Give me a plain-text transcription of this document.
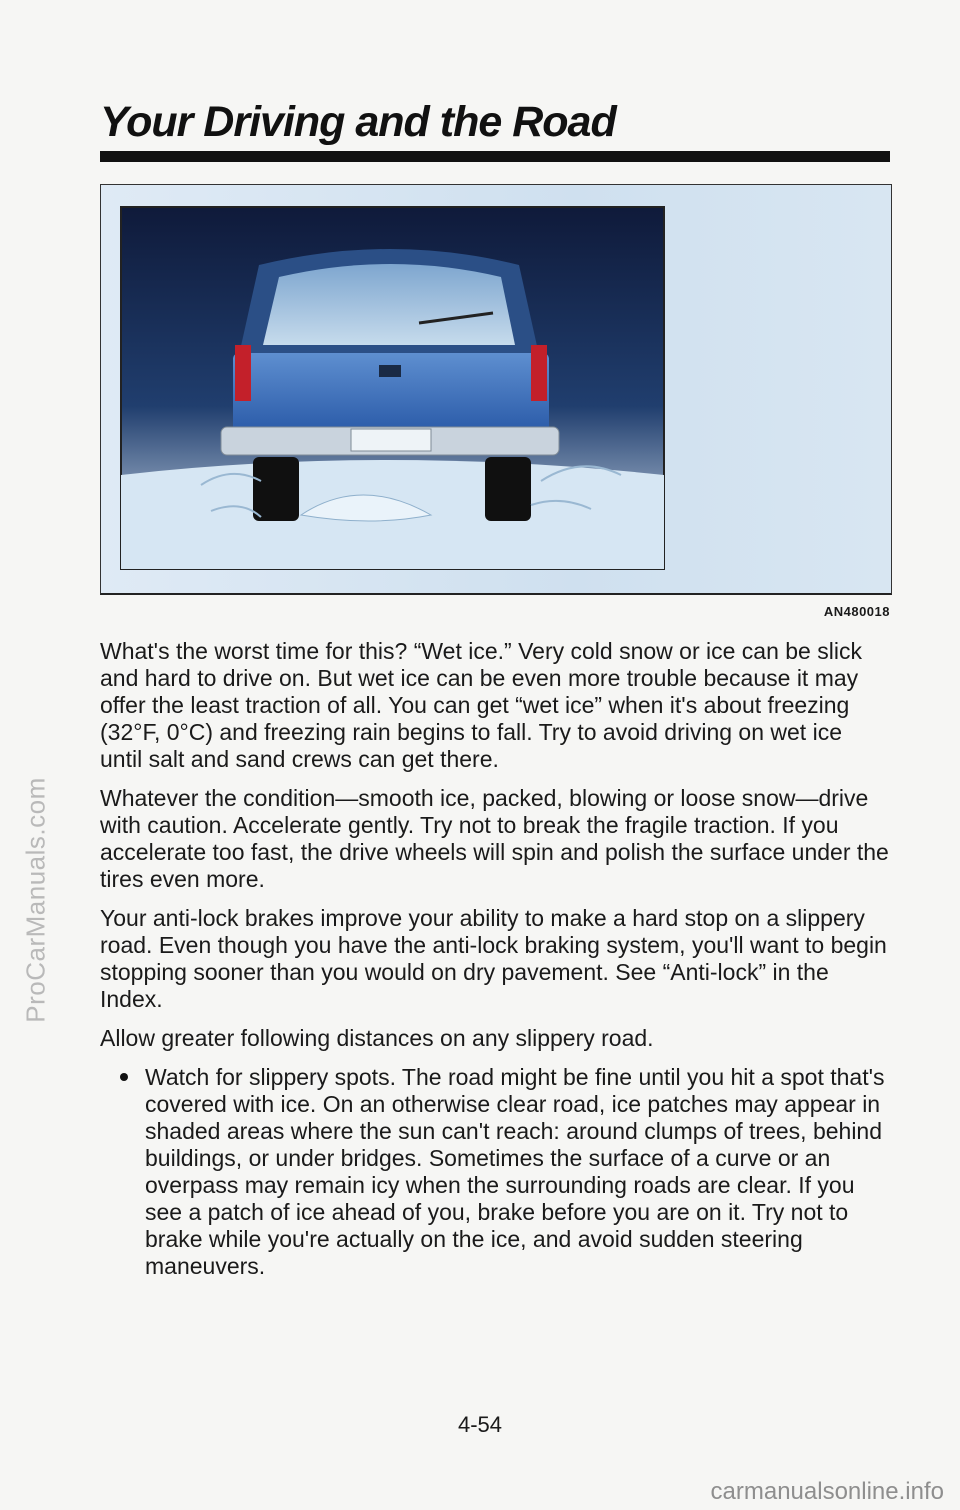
ProCarManuals.com
Your Driving and the Road
AN480018

What's the worst time for this? “Wet ice.” Very cold snow or ice can be slick and hard to drive on. But wet ice can be even more trouble because it may offer the least traction of all. You can get “wet ice” when it's about freezing (32°F, 0°C) and freezing rain begins to fall. Try to avoid driving on wet ice until salt and sand crews can get there.

Whatever the condition—smooth ice, packed, blowing or loose snow—drive with caution. Accelerate gently. Try not to break the fragile traction. If you accelerate too fast, the drive wheels will spin and polish the surface under the tires even more.

Your anti-lock brakes improve your ability to make a hard stop on a slippery road. Even though you have the anti-lock braking system, you'll want to begin stopping sooner than you would on dry pavement. See “Anti-lock” in the Index.

Allow greater following distances on any slippery road.

Watch for slippery spots. The road might be fine until you hit a spot that's covered with ice. On an otherwise clear road, ice patches may appear in shaded areas where the sun can't reach: around clumps of trees, behind buildings, or under bridges. Sometimes the surface of a curve or an overpass may remain icy when the surrounding roads are clear. If you see a patch of ice ahead of you, brake before you are on it. Try not to brake while you're actually on the ice, and avoid sudden steering maneuvers.
4-54
carmanualsonline.info
